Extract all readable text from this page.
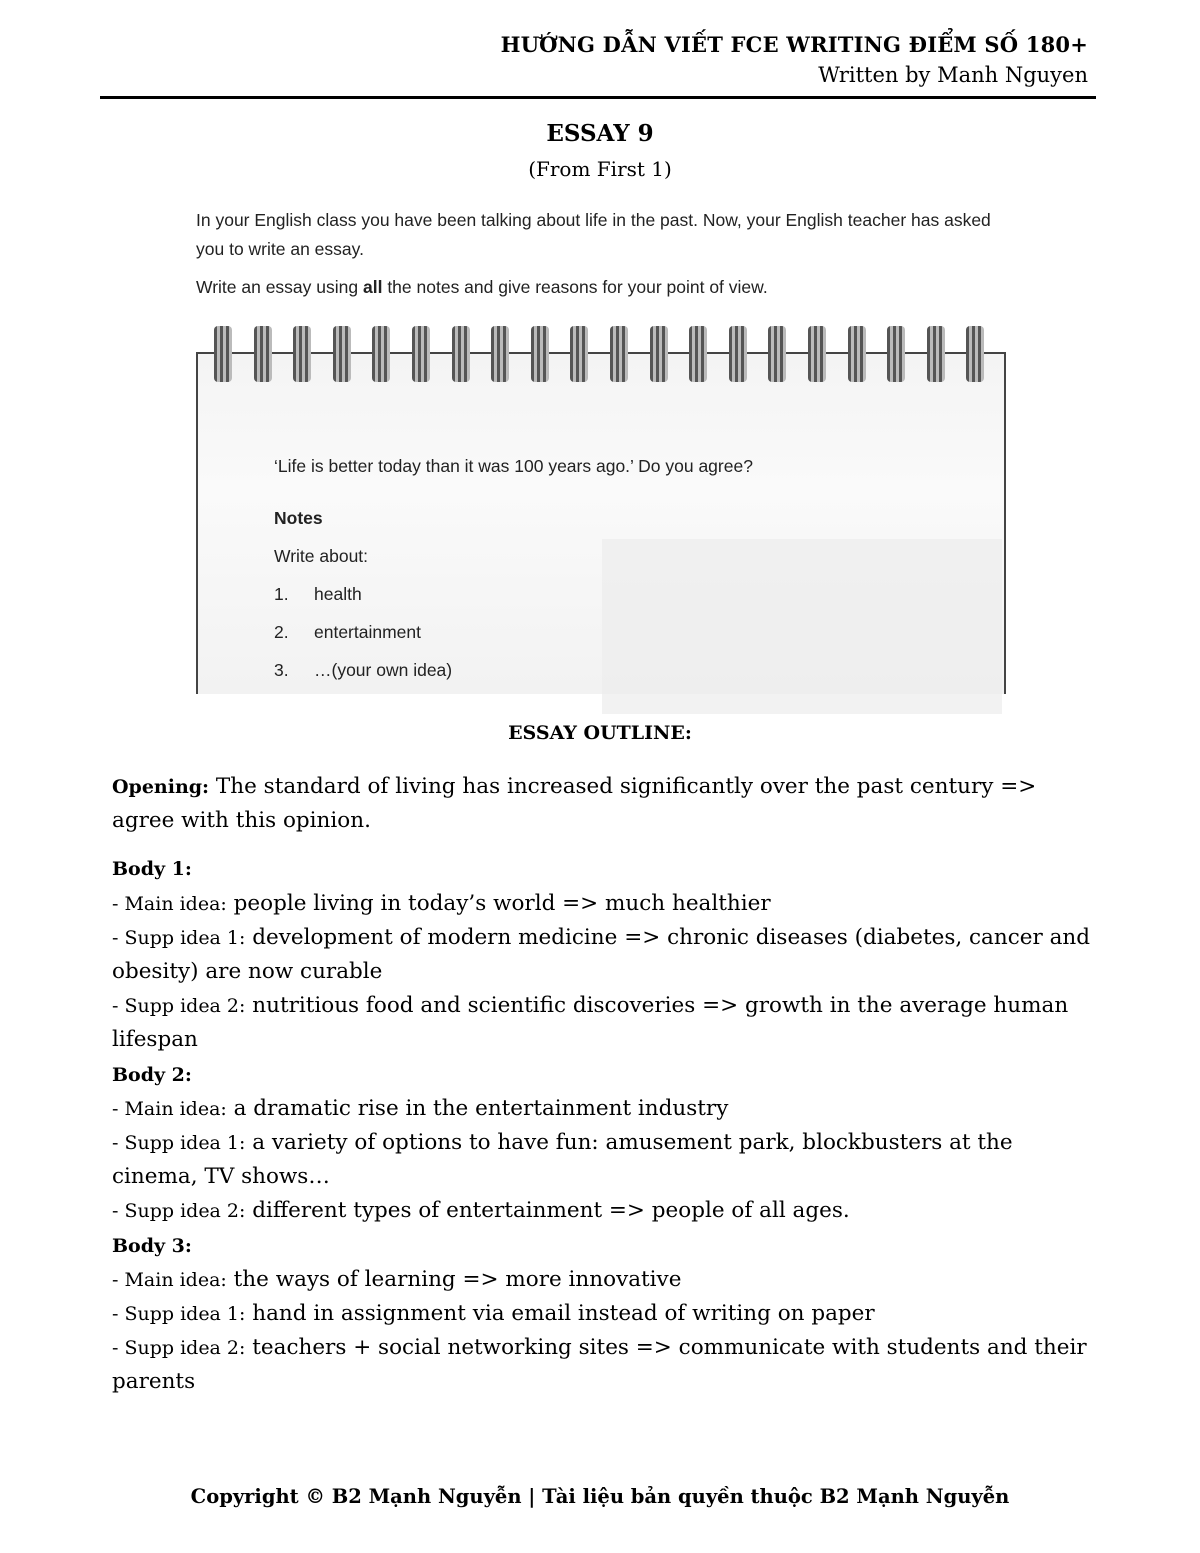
HƯỚNG DẪN VIẾT FCE WRITING ĐIỂM SỐ 180+
Written by Manh Nguyen
ESSAY 9
(From First 1)

In your English class you have been talking about life in the past. Now, your English teacher has asked you to write an essay.

Write an essay using all the notes and give reasons for your point of view.

‘Life is better today than it was 100 years ago.’ Do you agree?
Notes
Write about:
1. health
2. entertainment
3. …(your own idea)
ESSAY OUTLINE:

Opening: The standard of living has increased significantly over the past century => agree with this opinion.

Body 1:

- Main idea: people living in today’s world => much healthier

- Supp idea 1: development of modern medicine => chronic diseases (diabetes, cancer and obesity) are now curable

- Supp idea 2: nutritious food and scientific discoveries => growth in the average human lifespan

Body 2:

- Main idea: a dramatic rise in the entertainment industry

- Supp idea 1: a variety of options to have fun: amusement park, blockbusters at the cinema, TV shows…

- Supp idea 2: different types of entertainment => people of all ages.

Body 3:

- Main idea: the ways of learning => more innovative

- Supp idea 1: hand in assignment via email instead of writing on paper

- Supp idea 2: teachers + social networking sites => communicate with students and their parents

Copyright © B2 Mạnh Nguyễn | Tài liệu bản quyền thuộc B2 Mạnh Nguyễn
